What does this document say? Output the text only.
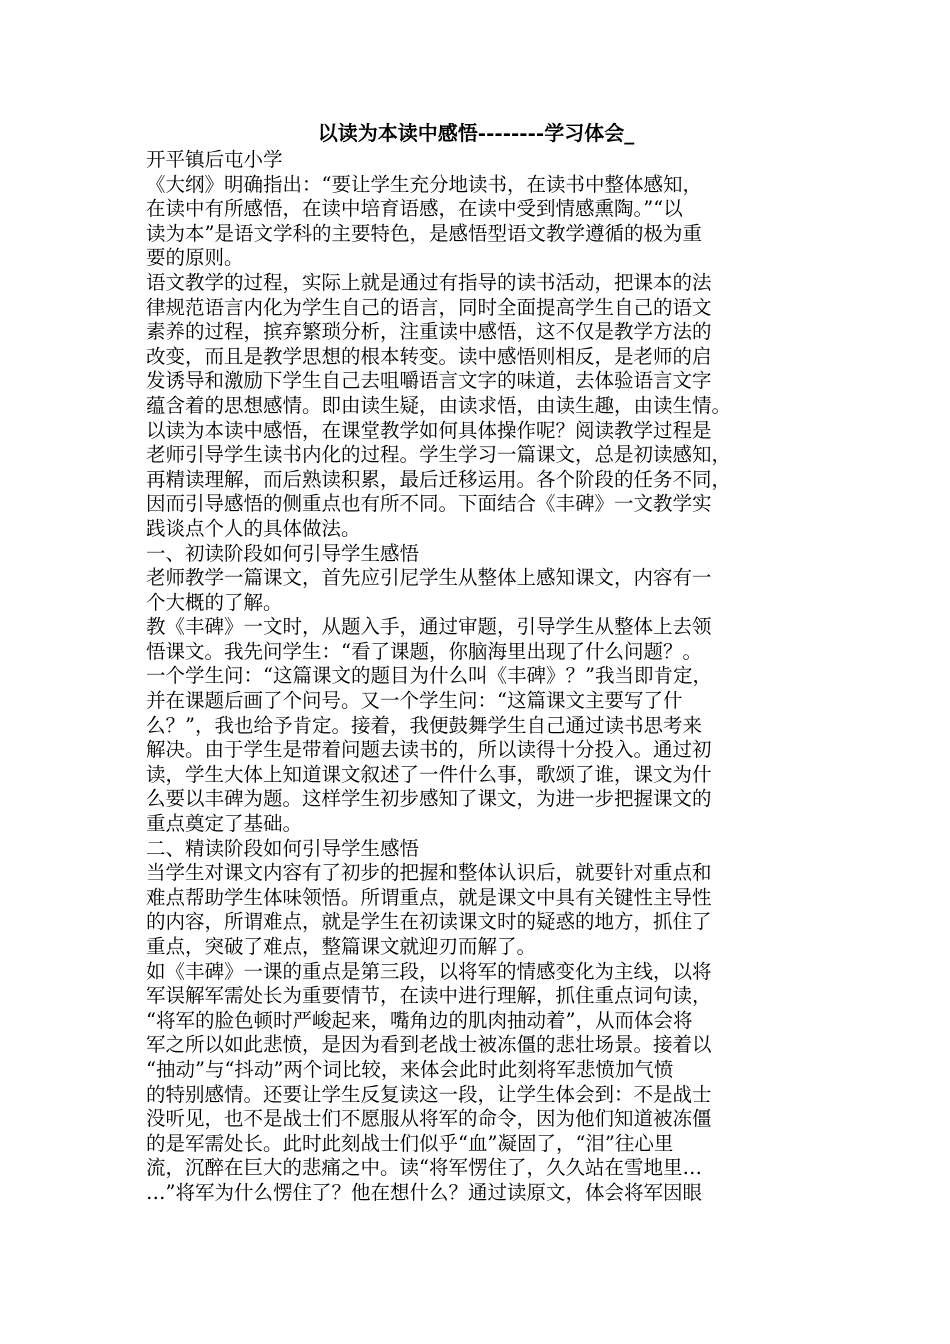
以读为本读中感悟--------学习体会_

开平镇后屯小学

《大纲》明确指出：“要让学生充分地读书，在读书中整体感知，

在读中有所感悟，在读中培育语感，在读中受到情感熏陶。”“以

读为本”是语文学科的主要特色，是感悟型语文教学遵循的极为重

要的原则。

语文教学的过程，实际上就是通过有指导的读书活动，把课本的法

律规范语言内化为学生自己的语言，同时全面提高学生自己的语文

素养的过程，摈弃繁琐分析，注重读中感悟，这不仅是教学方法的

改变，而且是教学思想的根本转变。读中感悟则相反，是老师的启

发诱导和激励下学生自己去咀嚼语言文字的味道，去体验语言文字

蕴含着的思想感情。即由读生疑，由读求悟，由读生趣，由读生情。

以读为本读中感悟，在课堂教学如何具体操作呢？阅读教学过程是

老师引导学生读书内化的过程。学生学习一篇课文，总是初读感知，

再精读理解，而后熟读积累，最后迁移运用。各个阶段的任务不同，

因而引导感悟的侧重点也有所不同。下面结合《丰碑》一文教学实

践谈点个人的具体做法。

一、初读阶段如何引导学生感悟

老师教学一篇课文，首先应引尼学生从整体上感知课文，内容有一

个大概的了解。

教《丰碑》一文时，从题入手，通过审题，引导学生从整体上去领

悟课文。我先问学生：“看了课题，你脑海里出现了什么问题？。

一个学生问：“这篇课文的题目为什么叫《丰碑》？”我当即肯定，

并在课题后画了个问号。又一个学生问：“这篇课文主要写了什

么？”，我也给予肯定。接着，我便鼓舞学生自己通过读书思考来

解决。由于学生是带着问题去读书的，所以读得十分投入。通过初

读，学生大体上知道课文叙述了一件什么事，歌颂了谁，课文为什

么要以丰碑为题。这样学生初步感知了课文，为进一步把握课文的

重点奠定了基础。

二、精读阶段如何引导学生感悟

当学生对课文内容有了初步的把握和整体认识后，就要针对重点和

难点帮助学生体味领悟。所谓重点，就是课文中具有关键性主导性

的内容，所谓难点，就是学生在初读课文时的疑惑的地方，抓住了

重点，突破了难点，整篇课文就迎刃而解了。

如《丰碑》一课的重点是第三段，以将军的情感变化为主线，以将

军误解军需处长为重要情节，在读中进行理解，抓住重点词句读，

“将军的脸色顿时严峻起来，嘴角边的肌肉抽动着”，从而体会将

军之所以如此悲愤，是因为看到老战士被冻僵的悲壮场景。接着以

“抽动”与“抖动”两个词比较，来体会此时此刻将军悲愤加气愤

的特别感情。还要让学生反复读这一段，让学生体会到：不是战士

没听见，也不是战士们不愿服从将军的命令，因为他们知道被冻僵

的是军需处长。此时此刻战士们似乎“血”凝固了，“泪”往心里

流，沉醉在巨大的悲痛之中。读“将军愣住了，久久站在雪地里…

…”将军为什么愣住了？他在想什么？通过读原文，体会将军因眼
